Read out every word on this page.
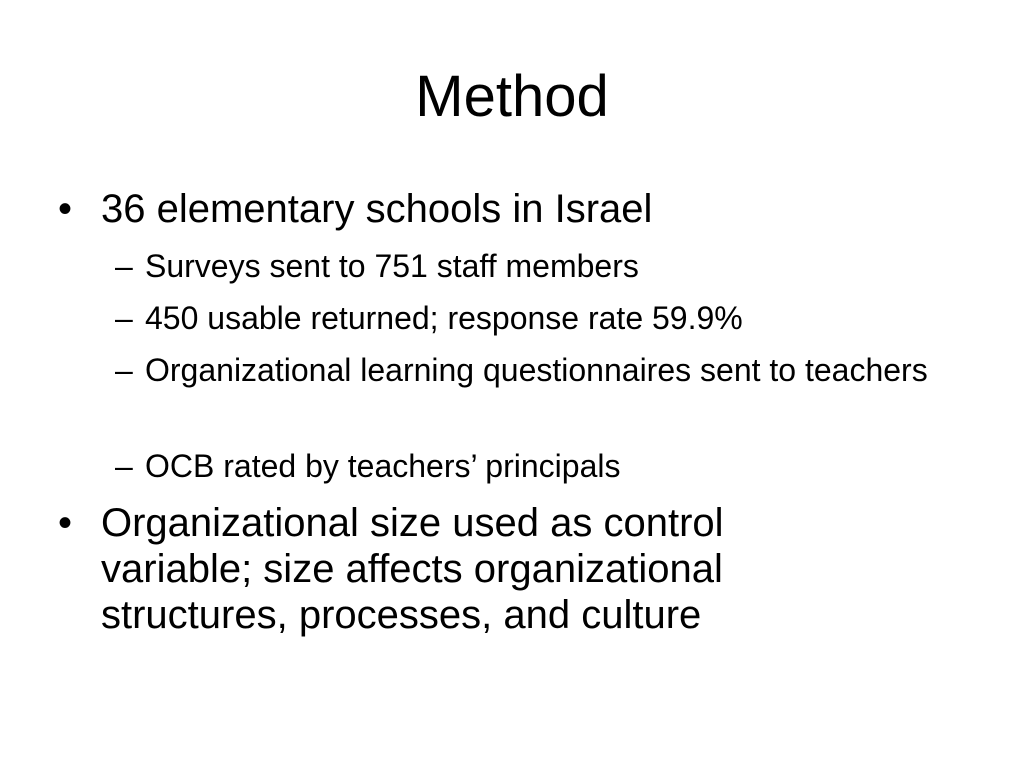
Method
• 36 elementary schools in Israel
– Surveys sent to 751 staff members
– 450 usable returned; response rate 59.9%
– Organizational learning questionnaires sent to teachers
– OCB rated by teachers’ principals
• Organizational size used as control variable; size affects organizational structures, processes, and culture
